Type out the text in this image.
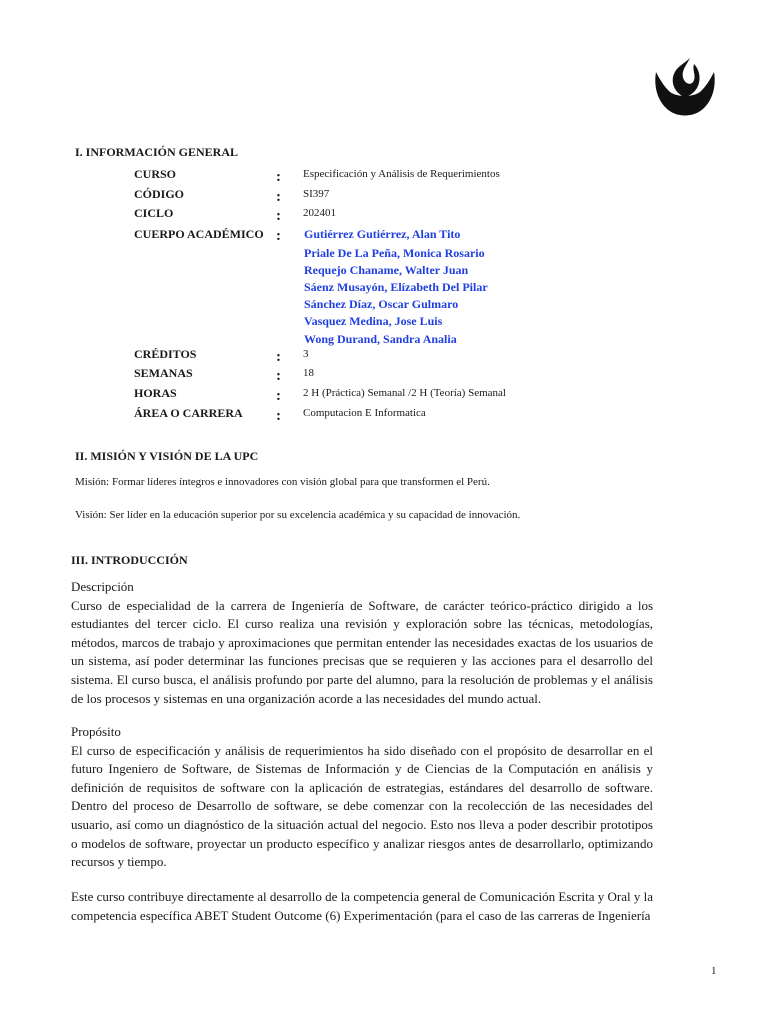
I. INFORMACIÓN GENERAL
CURSO	: Especificación y Análisis de Requerimientos
CÓDIGO	: SI397
CICLO	: 202401
CUERPO ACADÉMICO : Gutiérrez Gutiérrez, Alan Tito
Priale De La Peña, Monica Rosario
Requejo Chaname, Walter Juan
Sáenz Musayón, Elízabeth Del Pilar
Sánchez Díaz, Oscar Gulmaro
Vasquez Medina, Jose Luis
Wong Durand, Sandra Analia
CRÉDITOS	: 3
SEMANAS	: 18
HORAS	: 2 H (Práctica) Semanal /2 H (Teoría) Semanal
ÁREA O CARRERA : Computacion E Informatica
II. MISIÓN Y VISIÓN DE LA UPC
Misión: Formar líderes íntegros e innovadores con visión global para que transformen el Perú.
Visión: Ser líder en la educación superior por su excelencia académica y su capacidad de innovación.
III. INTRODUCCIÓN

Descripción

Curso de especialidad de la carrera de Ingeniería de Software, de carácter teórico-práctico dirigido a los estudiantes del tercer ciclo. El curso realiza una revisión y exploración sobre las técnicas, metodologías, métodos, marcos de trabajo y aproximaciones que permitan entender las necesidades exactas de los usuarios de un sistema, así poder determinar las funciones precisas que se requieren y las acciones para el desarrollo del sistema. El curso busca, el análisis profundo por parte del alumno, para la resolución de problemas y el análisis de los procesos y sistemas en una organización acorde a las necesidades del mundo actual.

Propósito

El curso de especificación y análisis de requerimientos ha sido diseñado con el propósito de desarrollar en el futuro Ingeniero de Software, de Sistemas de Información y de Ciencias de la Computación en análisis y definición de requisitos de software con la aplicación de estrategias, estándares del desarrollo de software. Dentro del proceso de Desarrollo de software, se debe comenzar con la recolección de las necesidades del usuario, así como un diagnóstico de la situación actual del negocio. Esto nos lleva a poder describir prototipos o modelos de software, proyectar un producto específico y analizar riesgos antes de desarrollarlo, optimizando recursos y tiempo.

Este curso contribuye directamente al desarrollo de la competencia general de Comunicación Escrita y Oral y la competencia específica ABET Student Outcome (6) Experimentación (para el caso de las carreras de Ingeniería

1
